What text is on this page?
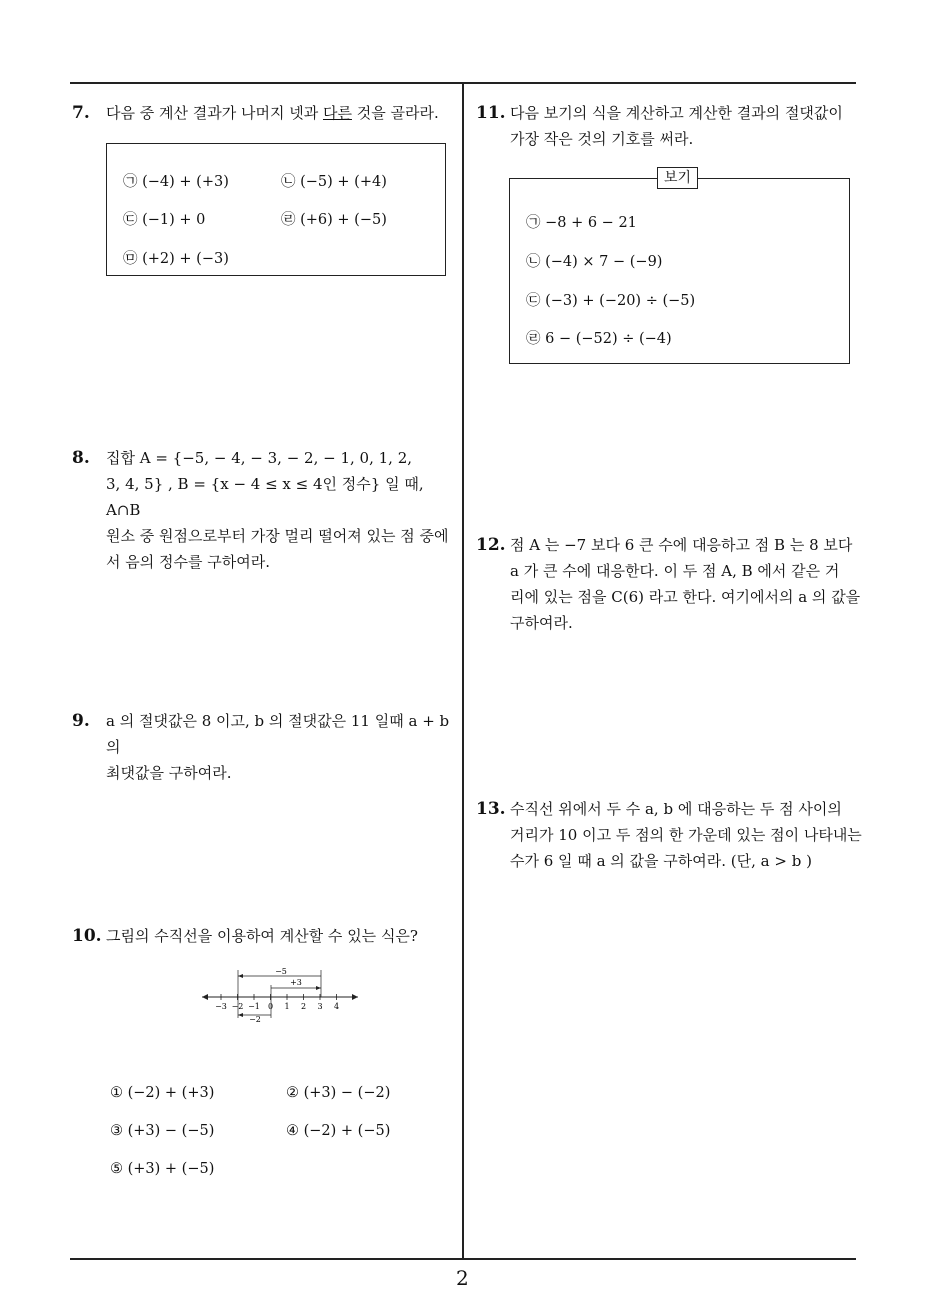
7. 다음 중 계산 결과가 나머지 넷과 다른 것을 골라라.

㉠ (−4) + (+3)	㉡ (−5) + (+4)
㉢ (−1) + 0	㉣ (+6) + (−5)
㉤ (+2) + (−3)
8. 집합 A = {−5, − 4, − 3, − 2, − 1, 0, 1, 2,

3, 4, 5} , B = {x − 4 ≤ x ≤ 4인 정수} 일 때, A∩B

원소 중 원점으로부터 가장 멀리 떨어져 있는 점 중에

서 음의 정수를 구하여라.

9. a 의 절댓값은 8 이고, b 의 절댓값은 11 일때 a + b 의

최댓값을 구하여라.

10. 그림의 수직선을 이용하여 계산할 수 있는 식은?

−3 −2 −1 0 1 2 3 4
−5
+3
−2
① (−2) + (+3)	② (+3) − (−2)
③ (+3) − (−5)	④ (−2) + (−5)
⑤ (+3) + (−5)
11. 다음 보기의 식을 계산하고 계산한 결과의 절댓값이

가장 작은 것의 기호를 써라.

보기
㉠ −8 + 6 − 21
㉡ (−4) × 7 − (−9)
㉢ (−3) + (−20) ÷ (−5)
㉣ 6 − (−52) ÷ (−4)
12. 점 A 는 −7 보다 6 큰 수에 대응하고 점 B 는 8 보다

a 가 큰 수에 대응한다. 이 두 점 A, B 에서 같은 거

리에 있는 점을 C(6) 라고 한다. 여기에서의 a 의 값을

구하여라.

13. 수직선 위에서 두 수 a, b 에 대응하는 두 점 사이의

거리가 10 이고 두 점의 한 가운데 있는 점이 나타내는

수가 6 일 때 a 의 값을 구하여라. (단, a > b )

2
